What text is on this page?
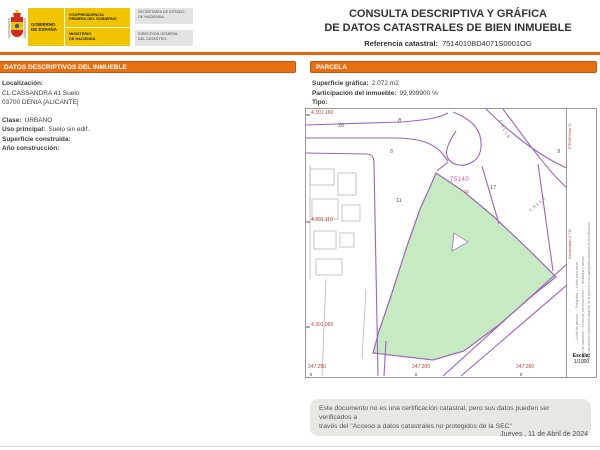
GOBIERNO
DE ESPAÑA
VICEPRESIDENCIA
PRIMERA DEL GOBIERNO
MINISTERIO
DE HACIENDA
SECRETARÍA DE ESTADO
DE HACIENDA
DIRECCIÓN GENERAL
DEL CATASTRO
CONSULTA DESCRIPTIVA Y GRÁFICA
DE DATOS CATASTRALES DE BIEN INMUEBLE
Referencia catastral: 7514010BD4071S0001OG
DATOS DESCRIPTIVOS DEL INMUEBLE	PARCELA
Localización:
CL CASSANDRA 41 Suelo
03700 DENIA [ALICANTE]
Clase: URBANO
Uso principal: Suelo sin edif.
Superficie construida:
Año construcción:
Superficie gráfica: 2.072 m2
Participación del inmueble: 99,999900 %
Tipo:
4.301.160
4.301.110
4.301.060
247.250	247.300	247.350
20
8
6
11
17
9
75140
10
CALLE
CALLE
ETRS89 Huso 31
Coordenadas U.T.M.
— Límite de parcela ···· Fotografía — Límite zona verde — Límite de manzana — Límite de construcciones ···· Mobiliario y aceras Este documento muestra la situación de la parcela en la cartografía catastral de la edificación
Escala:
1/1000
Este documento no es una certificación catastral, pero sus datos pueden ser verificados a
través del "Acceso a datos catastrales no protegidos de la SEC"
Jueves , 11 de Abril de 2024
